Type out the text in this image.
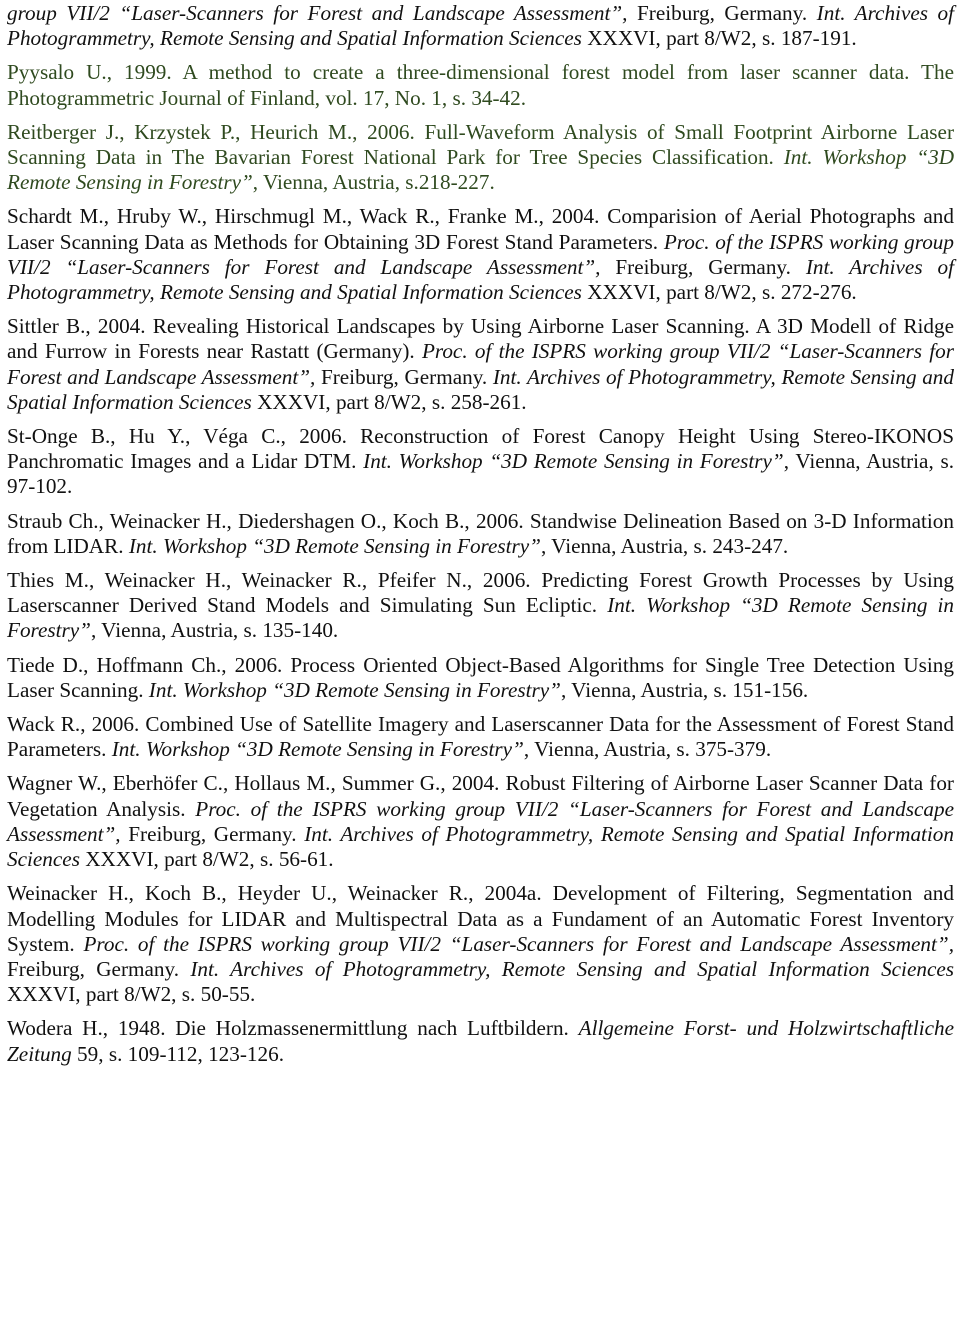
group VII/2 “Laser-Scanners for Forest and Landscape Assessment”, Freiburg, Germany. Int. Archives of Photogrammetry, Remote Sensing and Spatial Information Sciences XXXVI, part 8/W2, s. 187-191.

Pyysalo U., 1999. A method to create a three-dimensional forest model from laser scanner data. The Photogrammetric Journal of Finland, vol. 17, No. 1, s. 34-42.

Reitberger J., Krzystek P., Heurich M., 2006. Full-Waveform Analysis of Small Footprint Airborne Laser Scanning Data in The Bavarian Forest National Park for Tree Species Classification. Int. Workshop “3D Remote Sensing in Forestry”, Vienna, Austria, s.218-227.

Schardt M., Hruby W., Hirschmugl M., Wack R., Franke M., 2004. Comparision of Aerial Photographs and Laser Scanning Data as Methods for Obtaining 3D Forest Stand Parameters. Proc. of the ISPRS working group VII/2 “Laser-Scanners for Forest and Landscape Assessment”, Freiburg, Germany. Int. Archives of Photogrammetry, Remote Sensing and Spatial Information Sciences XXXVI, part 8/W2, s. 272-276.

Sittler B., 2004. Revealing Historical Landscapes by Using Airborne Laser Scanning. A 3D Modell of Ridge and Furrow in Forests near Rastatt (Germany). Proc. of the ISPRS working group VII/2 “Laser-Scanners for Forest and Landscape Assessment”, Freiburg, Germany. Int. Archives of Photogrammetry, Remote Sensing and Spatial Information Sciences XXXVI, part 8/W2, s. 258-261.

St-Onge B., Hu Y., Véga C., 2006. Reconstruction of Forest Canopy Height Using Stereo-IKONOS Panchromatic Images and a Lidar DTM. Int. Workshop “3D Remote Sensing in Forestry”, Vienna, Austria, s. 97-102.

Straub Ch., Weinacker H., Diedershagen O., Koch B., 2006. Standwise Delineation Based on 3-D Information from LIDAR. Int. Workshop “3D Remote Sensing in Forestry”, Vienna, Austria, s. 243-247.

Thies M., Weinacker H., Weinacker R., Pfeifer N., 2006. Predicting Forest Growth Processes by Using Laserscanner Derived Stand Models and Simulating Sun Ecliptic. Int. Workshop “3D Remote Sensing in Forestry”, Vienna, Austria, s. 135-140.

Tiede D., Hoffmann Ch., 2006. Process Oriented Object-Based Algorithms for Single Tree Detection Using Laser Scanning. Int. Workshop “3D Remote Sensing in Forestry”, Vienna, Austria, s. 151-156.

Wack R., 2006. Combined Use of Satellite Imagery and Laserscanner Data for the Assessment of Forest Stand Parameters. Int. Workshop “3D Remote Sensing in Forestry”, Vienna, Austria, s. 375-379.

Wagner W., Eberhöfer C., Hollaus M., Summer G., 2004. Robust Filtering of Airborne Laser Scanner Data for Vegetation Analysis. Proc. of the ISPRS working group VII/2 “Laser-Scanners for Forest and Landscape Assessment”, Freiburg, Germany. Int. Archives of Photogrammetry, Remote Sensing and Spatial Information Sciences XXXVI, part 8/W2, s. 56-61.

Weinacker H., Koch B., Heyder U., Weinacker R., 2004a. Development of Filtering, Segmentation and Modelling Modules for LIDAR and Multispectral Data as a Fundament of an Automatic Forest Inventory System. Proc. of the ISPRS working group VII/2 “Laser-Scanners for Forest and Landscape Assessment”, Freiburg, Germany. Int. Archives of Photogrammetry, Remote Sensing and Spatial Information Sciences XXXVI, part 8/W2, s. 50-55.

Wodera H., 1948. Die Holzmassenermittlung nach Luftbildern. Allgemeine Forst- und Holzwirtschaftliche Zeitung 59, s. 109-112, 123-126.
